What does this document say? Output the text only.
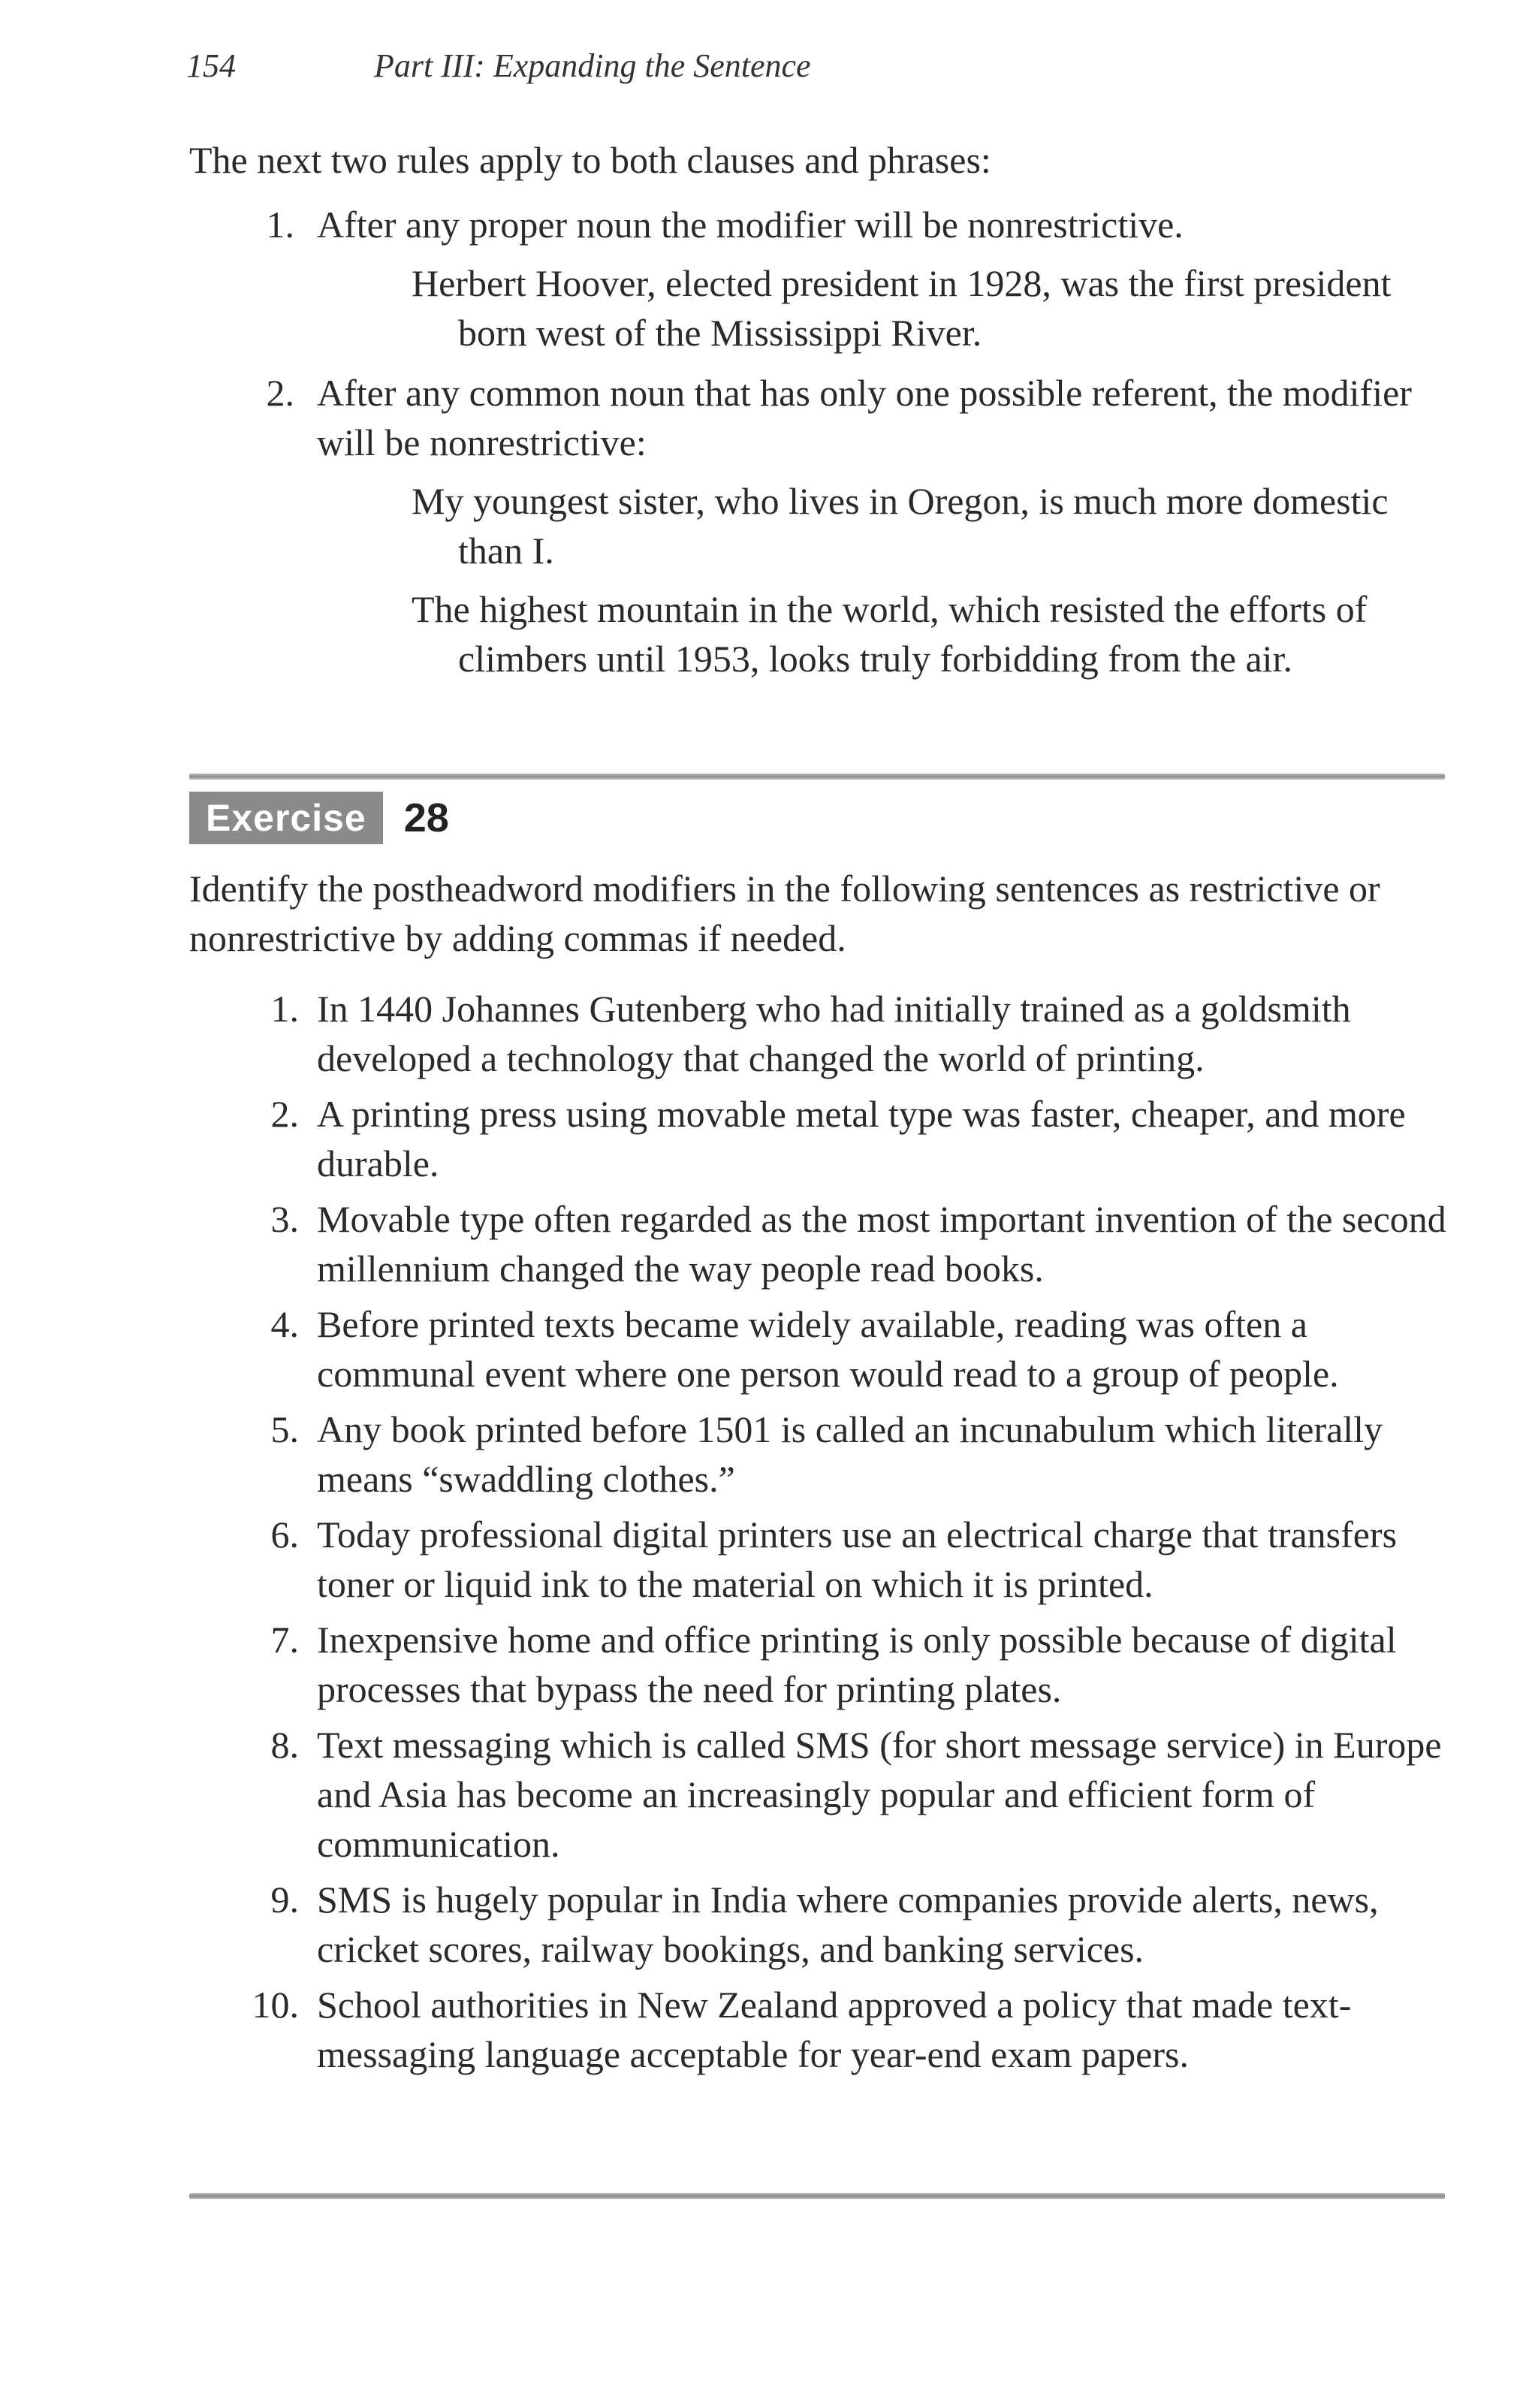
154	Part III: Expanding the Sentence
The next two rules apply to both clauses and phrases:
1. After any proper noun the modifier will be nonrestrictive.
Herbert Hoover, elected president in 1928, was the first president born west of the Mississippi River.
2. After any common noun that has only one possible referent, the modifier will be nonrestrictive:
My youngest sister, who lives in Oregon, is much more domestic than I.
The highest mountain in the world, which resisted the efforts of climbers until 1953, looks truly forbidding from the air.
Exercise 28
Identify the postheadword modifiers in the following sentences as restrictive or nonrestrictive by adding commas if needed.
1. In 1440 Johannes Gutenberg who had initially trained as a goldsmith developed a technology that changed the world of printing.
2. A printing press using movable metal type was faster, cheaper, and more durable.
3. Movable type often regarded as the most important invention of the second millennium changed the way people read books.
4. Before printed texts became widely available, reading was often a communal event where one person would read to a group of people.
5. Any book printed before 1501 is called an incunabulum which literally means “swaddling clothes.”
6. Today professional digital printers use an electrical charge that transfers toner or liquid ink to the material on which it is printed.
7. Inexpensive home and office printing is only possible because of digital processes that bypass the need for printing plates.
8. Text messaging which is called SMS (for short message service) in Europe and Asia has become an increasingly popular and efficient form of communication.
9. SMS is hugely popular in India where companies provide alerts, news, cricket scores, railway bookings, and banking services.
10. School authorities in New Zealand approved a policy that made text-messaging language acceptable for year-end exam papers.
